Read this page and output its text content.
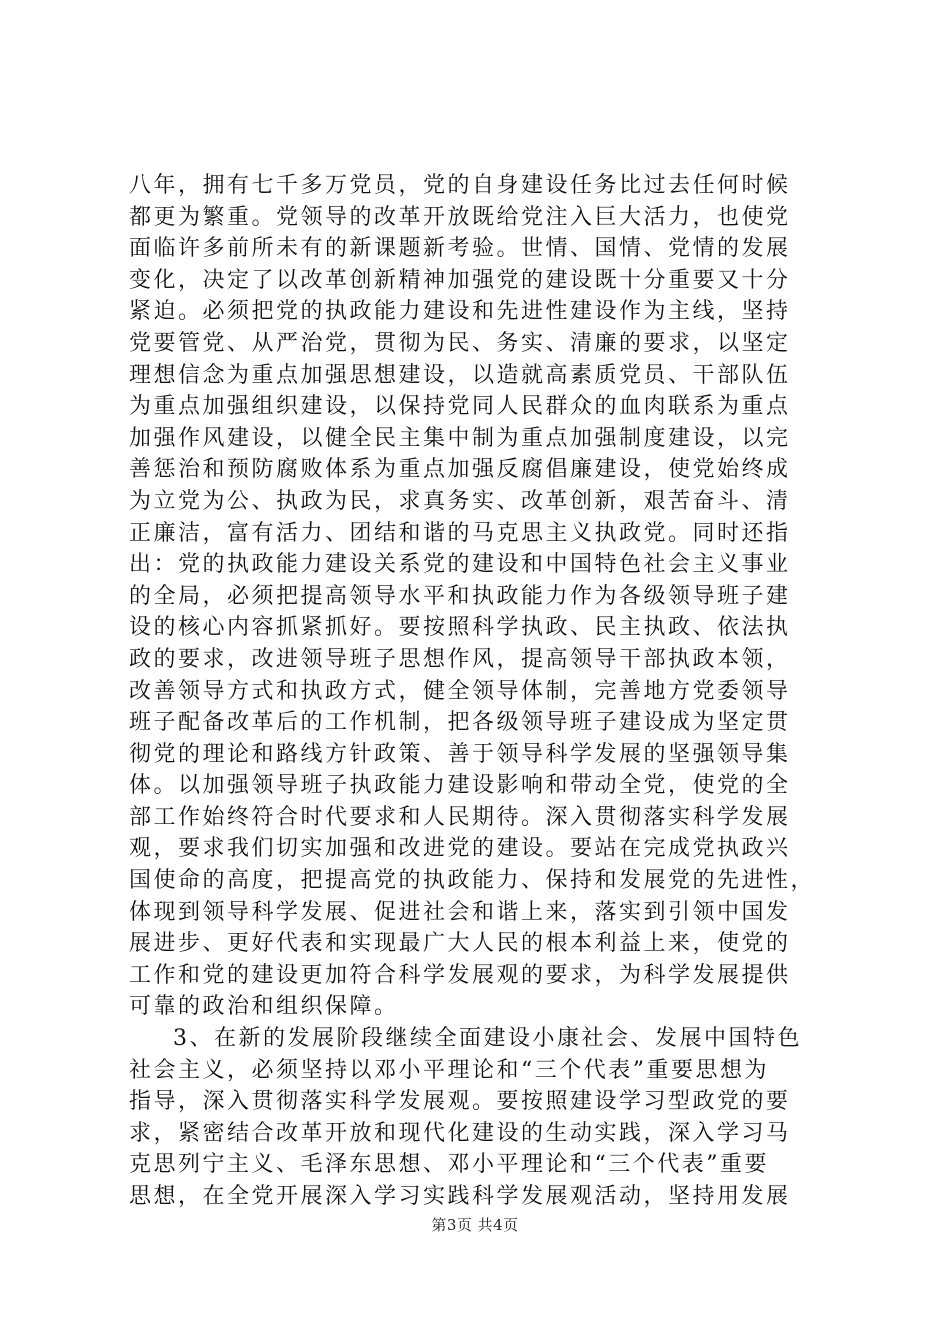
八年，拥有七千多万党员，党的自身建设任务比过去任何时候
都更为繁重。党领导的改革开放既给党注入巨大活力，也使党
面临许多前所未有的新课题新考验。世情、国情、党情的发展
变化，决定了以改革创新精神加强党的建设既十分重要又十分
紧迫。必须把党的执政能力建设和先进性建设作为主线，坚持
党要管党、从严治党，贯彻为民、务实、清廉的要求，以坚定
理想信念为重点加强思想建设，以造就高素质党员、干部队伍
为重点加强组织建设，以保持党同人民群众的血肉联系为重点
加强作风建设，以健全民主集中制为重点加强制度建设，以完
善惩治和预防腐败体系为重点加强反腐倡廉建设，使党始终成
为立党为公、执政为民，求真务实、改革创新，艰苦奋斗、清
正廉洁，富有活力、团结和谐的马克思主义执政党。同时还指
出：党的执政能力建设关系党的建设和中国特色社会主义事业
的全局，必须把提高领导水平和执政能力作为各级领导班子建
设的核心内容抓紧抓好。要按照科学执政、民主执政、依法执
政的要求，改进领导班子思想作风，提高领导干部执政本领，
改善领导方式和执政方式，健全领导体制，完善地方党委领导
班子配备改革后的工作机制，把各级领导班子建设成为坚定贯
彻党的理论和路线方针政策、善于领导科学发展的坚强领导集
体。以加强领导班子执政能力建设影响和带动全党，使党的全
部工作始终符合时代要求和人民期待。深入贯彻落实科学发展
观，要求我们切实加强和改进党的建设。要站在完成党执政兴
国使命的高度，把提高党的执政能力、保持和发展党的先进性，
体现到领导科学发展、促进社会和谐上来，落实到引领中国发
展进步、更好代表和实现最广大人民的根本利益上来，使党的
工作和党的建设更加符合科学发展观的要求，为科学发展提供
可靠的政治和组织保障。
3、在新的发展阶段继续全面建设小康社会、发展中国特色
社会主义，必须坚持以邓小平理论和“三个代表”重要思想为
指导，深入贯彻落实科学发展观。要按照建设学习型政党的要
求，紧密结合改革开放和现代化建设的生动实践，深入学习马
克思列宁主义、毛泽东思想、邓小平理论和“三个代表”重要
思想，在全党开展深入学习实践科学发展观活动，坚持用发展
第3页 共4页
